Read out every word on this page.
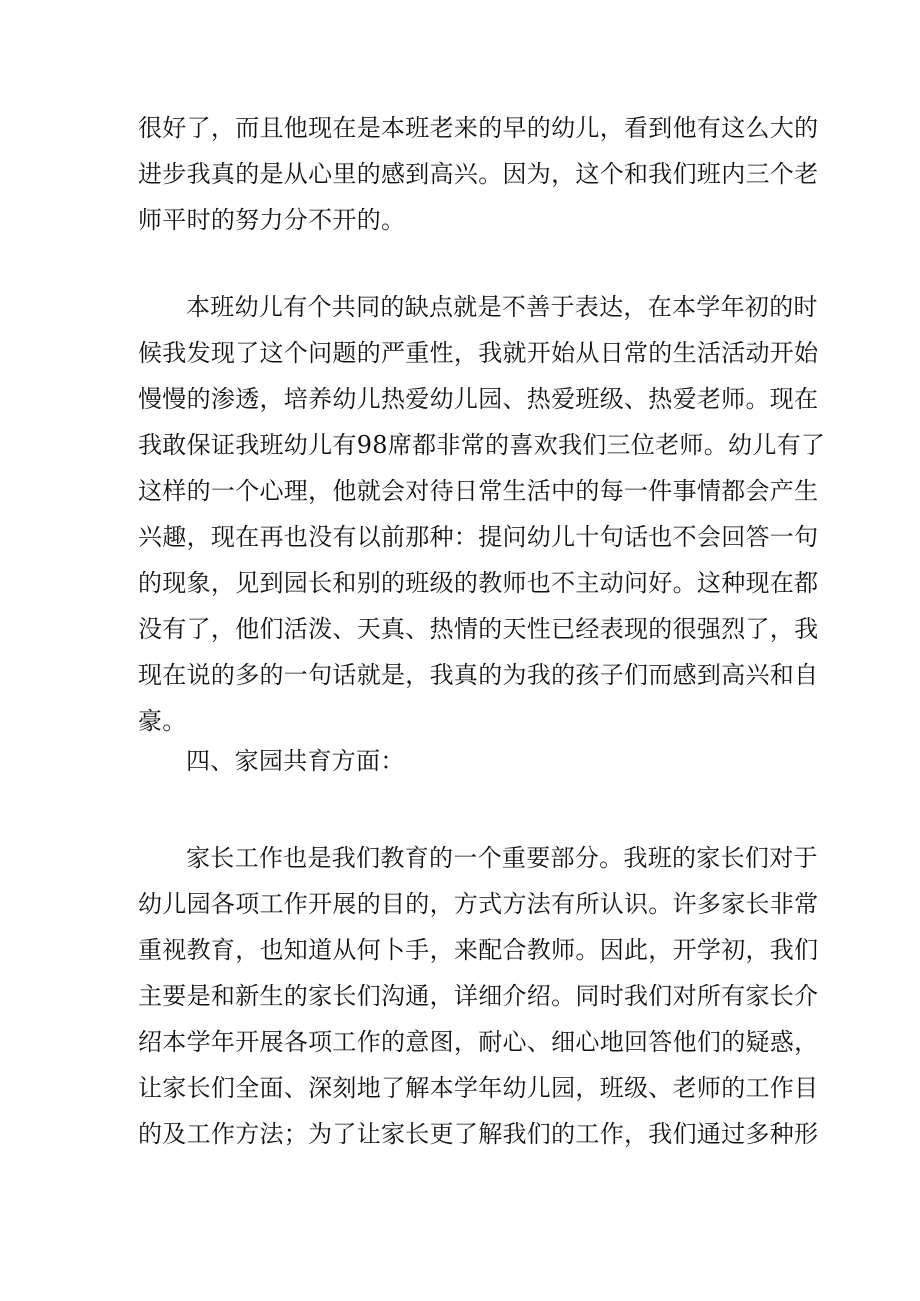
很好了，而且他现在是本班老来的早的幼儿，看到他有这么大的
进步我真的是从心里的感到高兴。因为，这个和我们班内三个老
师平时的努力分不开的。
本班幼儿有个共同的缺点就是不善于表达，在本学年初的时
候我发现了这个问题的严重性，我就开始从日常的生活活动开始
慢慢的渗透，培养幼儿热爱幼儿园、热爱班级、热爱老师。现在
我敢保证我班幼儿有98席都非常的喜欢我们三位老师。幼儿有了
这样的一个心理，他就会对待日常生活中的每一件事情都会产生
兴趣，现在再也没有以前那种：提问幼儿十句话也不会回答一句
的现象，见到园长和别的班级的教师也不主动问好。这种现在都
没有了，他们活泼、天真、热情的天性已经表现的很强烈了，我
现在说的多的一句话就是，我真的为我的孩子们而感到高兴和自
豪。
四、家园共育方面：
家长工作也是我们教育的一个重要部分。我班的家长们对于
幼儿园各项工作开展的目的，方式方法有所认识。许多家长非常
重视教育，也知道从何卜手，来配合教师。因此，开学初，我们
主要是和新生的家长们沟通，详细介绍。同时我们对所有家长介
绍本学年开展各项工作的意图，耐心、细心地回答他们的疑惑，
让家长们全面、深刻地了解本学年幼儿园，班级、老师的工作目
的及工作方法；为了让家长更了解我们的工作，我们通过多种形
